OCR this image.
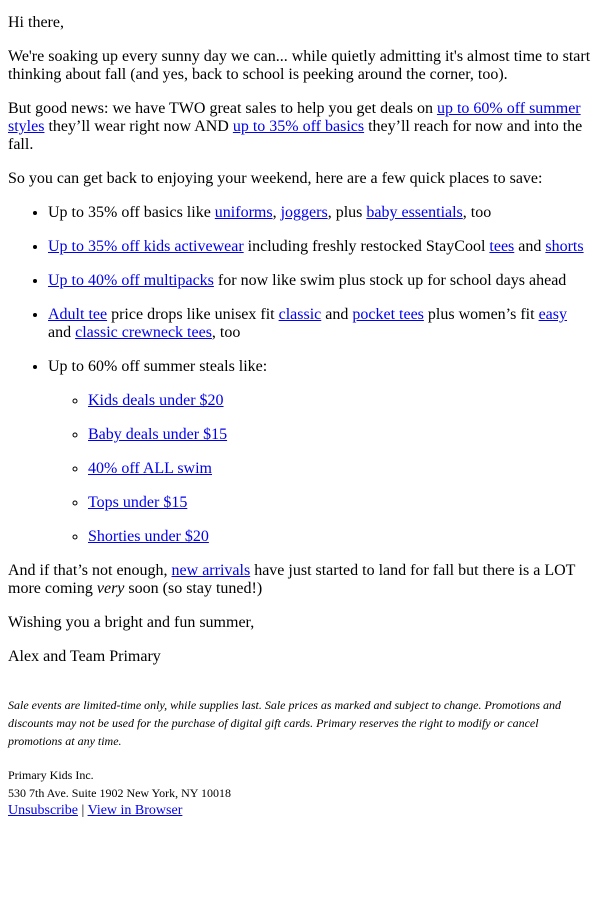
Hi there,

We're soaking up every sunny day we can... while quietly admitting it's almost time to start thinking about fall (and yes, back to school is peeking around the corner, too).

But good news: we have TWO great sales to help you get deals on up to 60% off summer styles they’ll wear right now AND up to 35% off basics they’ll reach for now and into the fall.

So you can get back to enjoying your weekend, here are a few quick places to save:

• Up to 35% off basics like uniforms, joggers, plus baby essentials, too
• Up to 35% off kids activewear including freshly restocked StayCool tees and shorts
• Up to 40% off multipacks for now like swim plus stock up for school days ahead
• Adult tee price drops like unisex fit classic and pocket tees plus women’s fit easy and classic crewneck tees, too
• Up to 60% off summer steals like:
◦ Kids deals under $20
◦ Baby deals under $15
◦ 40% off ALL swim
◦ Tops under $15
◦ Shorties under $20

And if that’s not enough, new arrivals have just started to land for fall but there is a LOT more coming very soon (so stay tuned!)

Wishing you a bright and fun summer,

Alex and Team Primary

Sale events are limited-time only, while supplies last. Sale prices as marked and subject to change. Promotions and discounts may not be used for the purchase of digital gift cards. Primary reserves the right to modify or cancel promotions at any time.

Primary Kids Inc.
530 7th Ave. Suite 1902 New York, NY 10018
Unsubscribe | View in Browser
